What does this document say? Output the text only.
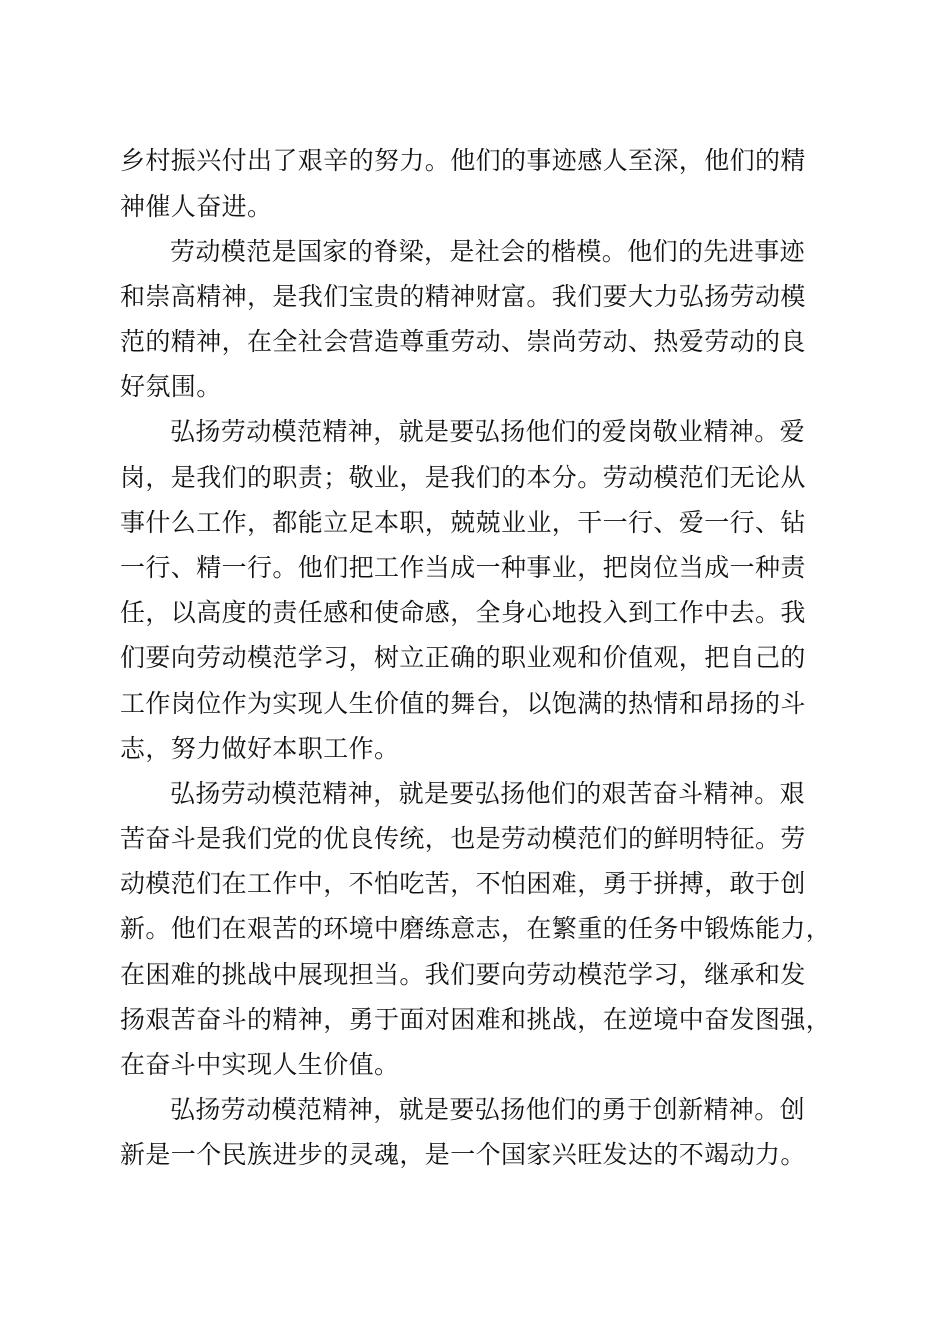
乡村振兴付出了艰辛的努力。他们的事迹感人至深，他们的精
神催人奋进。
劳动模范是国家的脊梁，是社会的楷模。他们的先进事迹
和崇高精神，是我们宝贵的精神财富。我们要大力弘扬劳动模
范的精神，在全社会营造尊重劳动、崇尚劳动、热爱劳动的良
好氛围。
弘扬劳动模范精神，就是要弘扬他们的爱岗敬业精神。爱
岗，是我们的职责；敬业，是我们的本分。劳动模范们无论从
事什么工作，都能立足本职，兢兢业业，干一行、爱一行、钻
一行、精一行。他们把工作当成一种事业，把岗位当成一种责
任，以高度的责任感和使命感，全身心地投入到工作中去。我
们要向劳动模范学习，树立正确的职业观和价值观，把自己的
工作岗位作为实现人生价值的舞台，以饱满的热情和昂扬的斗
志，努力做好本职工作。
弘扬劳动模范精神，就是要弘扬他们的艰苦奋斗精神。艰
苦奋斗是我们党的优良传统，也是劳动模范们的鲜明特征。劳
动模范们在工作中，不怕吃苦，不怕困难，勇于拼搏，敢于创
新。他们在艰苦的环境中磨练意志，在繁重的任务中锻炼能力，
在困难的挑战中展现担当。我们要向劳动模范学习，继承和发
扬艰苦奋斗的精神，勇于面对困难和挑战，在逆境中奋发图强，
在奋斗中实现人生价值。
弘扬劳动模范精神，就是要弘扬他们的勇于创新精神。创
新是一个民族进步的灵魂，是一个国家兴旺发达的不竭动力。
